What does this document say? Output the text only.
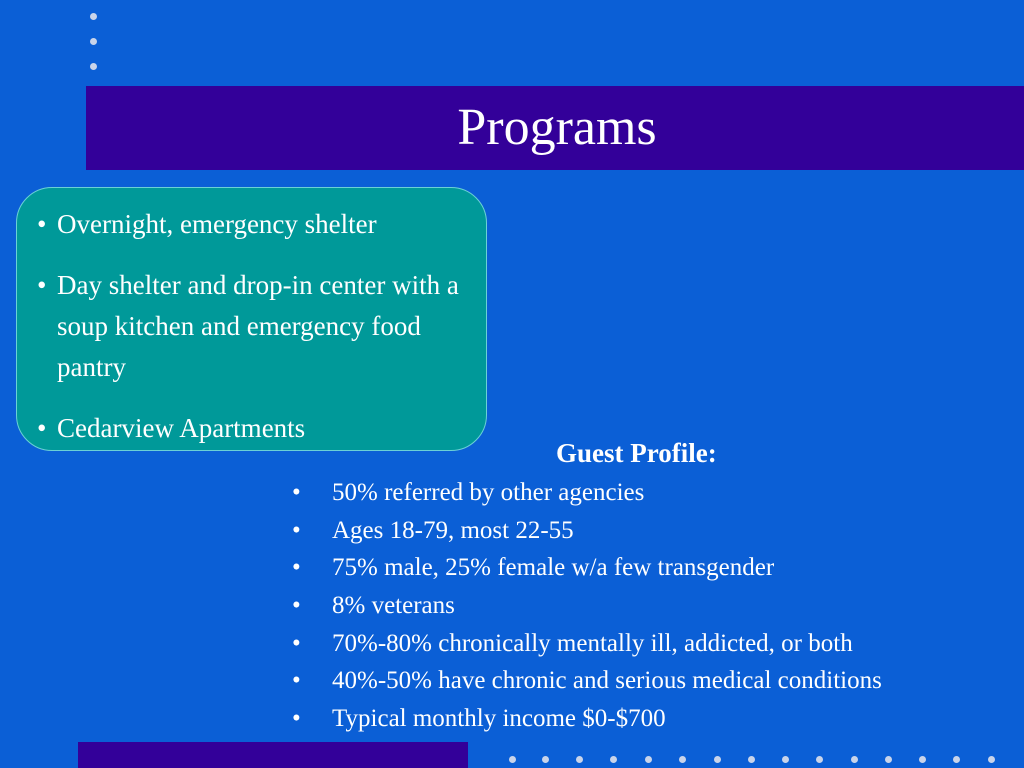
Programs
• Overnight, emergency shelter
• Day shelter and drop-in center with a soup kitchen and emergency food pantry
• Cedarview Apartments
Guest Profile:
• 50% referred by other agencies
• Ages 18-79, most 22-55
• 75% male, 25% female w/a few transgender
• 8% veterans
• 70%-80% chronically mentally ill, addicted, or both
• 40%-50% have chronic and serious medical conditions
• Typical monthly income $0-$700
